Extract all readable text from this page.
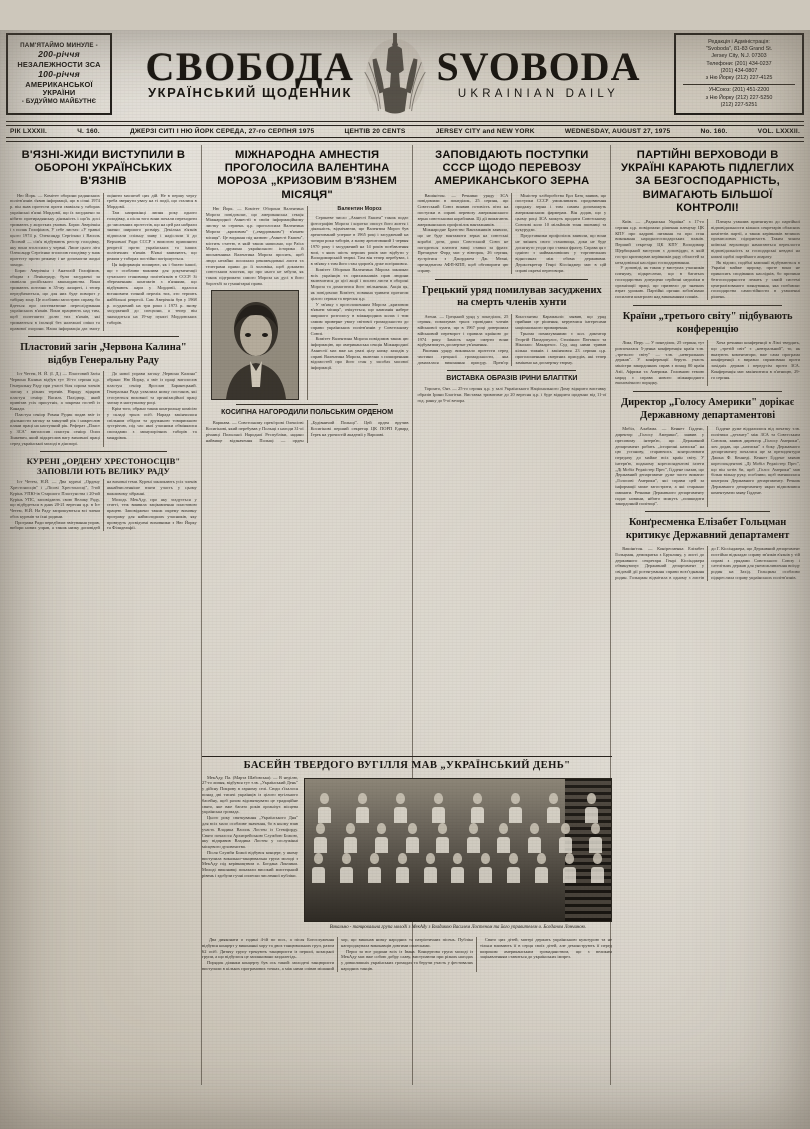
ПАМ'ЯТАЙМО МИНУЛЕ -
200-річчя
НЕЗАЛЕЖНОСТИ ЗСА
100-річчя
АМЕРИКАНСЬКОЇ УКРАЇНИ
- БУДУЙМО МАЙБУТНЄ
СВОБОДА
УКРАЇНСЬКИЙ ЩОДЕННИК
SVOBODA
UKRAINIAN DAILY
Редакція і Адміністрація:
"Svoboda", 81-83 Grand St.
Jersey City, N.J. 07303
Телефони: (201) 434-0237
(201) 434-0807
з Ню Йорку (212) 227-4125
УНСоюз: (201) 451-2200
з Ню Йорку (212) 227-5250
(212) 227-5251
РІК LXXXII.	Ч. 160.	ДЖЕРЗІ СИТІ І НЮ ЙОРК СЕРЕДА, 27-го СЕРПНЯ 1975	ЦЕНТІВ 20 CENTS	JERSEY CITY and NEW YORK	WEDNESDAY, AUGUST 27, 1975	No. 160.	VOL. LXXXII.
В'ЯЗНІ-ЖИДИ ВИСТУПИЛИ В ОБОРОНІ УКРАЇНСЬКИХ В'ЯЗНІВ

Ню Йорк. — Комітет оборони радянських політв'язнів з'явив інформації, що в січні 1974 р. він знав протести проти свавілля у таборах українські в'язні Мордовії, що їх засуджено за нібито протирадянську діяльність і що'їх досі тримають у жорстких умовах. Борис Аверічкін і з поляк Голофімов, У себе листах: «У травні цього 1974 р. Олександр Сергієнко і Василь Лісовий — сім'я відбувають реєстр голодівку, яку вони зголосили у червні. Лише цього літа Олександр Сергієнко зголосив голодівку у знак протесту проти режиму і не допомогли жодні заходи.

Борис Аверічкін і Анатолій Голофімов, обидва з Ленінграду, були засуджені за свавілля російського законодавства. Вони тримають поточно в 35-му лазареті, і тепер передбачається, що для них буде поворот у табірну зону. Це особливо загострює справу, бо йдеться про систематичне переслідування українських в'язнів. Вони працюють над тим, щоб полегшити долю тих в'язнів, які тримаються в ізоляції без належної опіки та правової охорони. Наша інформація дає змогу оцінити масштаб цих дій. Не в першу чергу треба звернути увагу на ті події, що сталися в Мордовії.

Там наприкінці липня року одного голодівку, а після того вони почали переходити до численних протестів, що на цей раз набрали значно ширшого розміру. Декілька в'язнів підписали спільну заяву і надіслали її до Верховної Ради СССР з вимогою припинити репресії проти українських та інших політичних в'язнів. В'язні заявляють, що режим у таборах постійно погіршується.

Ця інформація поширює, як і багато іншої, що є особливо важлива для документації сучасного становища політв'язнів в СССР. Зі збереженням контактів з в'язнями, що відбувають кари у Мордовії, вдалося встановити точний перелік тих, хто терпить найбільші репресії. Сам Аверічкін був у 1968 р. осуджений на три роки і 1973 р. знову засуджений до спецзони, а тепер він знаходиться на 19-му пункті Мордовських таборів.

Пластовий загін „Червона Калина" відбув Генеральну Раду

Іст Четем, Н. Й. (І. Д.) — Пластовий Загін Червона Калина відбув тут 16-го серпня ц.р. Генеральну Раду при участі біля сорока членів загону з різних теренів. Нараду відкрив пластун сеніор Василь Палідвор, який привітав усіх присутніх, а зокрема гостей із Канади.

Пластун сеніор Роман Рудик подав звіт із діяльности загону за минулий рік і накреслив плани праці на наступний рік. Реферат „Пласт у ЗСА" виголосив пластун сеніор Осип Зінкевич, який підкреслив вагу виховної праці серед української молоді в діяспорі.

До нової управи загону „Червона Калина" обрано: Ню Йорку, а звіт із праці виголосив пластун сеніор Ярослав Баранецький. Генеральна Рада ухвалила низку постанов, які стосуються виховної та організаційної праці загону в наступному році.

Крім того, обрано також контрольну комісію у складі трьох осіб. Нарада закінчилася спільним обідом та дружньою товариською зустріччю, під час якої учасники обмінялися спогадами з минулорічних таборів та мандрівок.

КУРЕНІ „ОРДЕНУ ХРЕСТОНОСЦІВ" ЗАПОВІЛИ ЮТЬ ВЕЛИКУ РАДУ

Іст Четем, Н.Й. — Два куpені „Ордену Хрестоносців" і „Лісові Хрестоносці", 5-ий Курінь УПЮ-ів Старшого Пластунства і 20-ий Курінь УПС, заповідають свою Велику Раду, що відбудеться в днях 20-21 вересня ц.р. в Іст Четем, Н.Й. На Раду запрошуються всі члени обох куренів та їхні родини.

Програма Ради передбачає звітування управ, вибори нових управ, а також низку доповідей на виховні теми. Куpені закликають усіх членів якнайчисленніше взяти участь у цьому важливому зібранні.

Молодь МекАду, про яку згадується у статті, теж виявила зацікавлення пластовою працею. Заповіджено також окрему виховну програму для наймолодших учасників, яку проведуть досвідчені виховники з Ню Йорку та Філядельфії.

МІЖНАРОДНА АМНЕСТІЯ ПРОГОЛОСИЛА ВАЛЕНТИНА МОРОЗА „КРИЗОВИМ В'ЯЗНЕМ МІСЯЦЯ"

Ню Йорк. — Комітет Оборони Валентина Мороза повідомляє, що американська секція Міжнародної Амнестії в своїм інформаційному листку за серпень ц.р. проголосила Валентина Мороза „кризовим" („гвардованим") в'язнем місяця". Це видання під назвою „Амнесті Екшен", містить статтю, в якій також написано, що Раїса Мороз, дружина українського історика й письменника Валентина Мороза просить, щоб люди негайно посилали рекомендовані листи та телеграми прямо до її чоловіка, щоб доказати совєтським властям, що про нього не забули, як також підтримати самого Мороза на дусі в його боротьбі за гуманітарні права.

Валентин Мороз

Серпневе число „Амнесті Екшен" також подає фотографію Мороза і коротко описує його життя і діяльність, відмічаючи, що Валентин Мороз був арештований уперше в 1965 році і засуджений на чотири роки таборів, а знову арештований 1 червня 1970 року і засуджений на 14 років позбавлення волі, з яких шість перших років має відбути у Володимирській тюрмі. Там він тепер перебуває, і в зв'язку з тим його стан здоров'я дуже погіршився.

Комітет Оборони Валентина Мороза закликає всіх українців та прихильників прав людини включитися до цієї акції і писати листи в обороні Мороза та домагатися його звільнення. Акція ця, як повідомляє Комітет, повинна тривати протягом цілого серпня та вересня ц.р.

У зв'язку з проголошенням Мороза „кризовим в'язнем місяця", очікується, що кампанія набере ширшого розголосу в міжнародних колах і тим самим приверне увагу світової громадськости до справи українських політв'язнів у Совєтському Союзі.

Комітет Валентина Мороза повідомив також цю інформацію, що американська секція Міжнародної Амнестії має вже на увазі цілу низку заходів у справі Валентина Мороза, включно з поширенням відомостей про його стан у засобах масової інформації.

КОСИГІНА НАГОРОДИЛИ ПОЛЬСЬКИМ ОРДЕНОМ

Варшава. — Совєтському прем'єрові Олексієві Косигінові, який перебував у Польщі з нагоди 31-ої річниці Польської Народної Республіки, надано найвище відзначення Польщі — орден „Будівничий Польщі". Цей орден вручив Косигінові перший секретар ЦК ПОРП Едвард Ґерек на урочистій академії у Варшаві.

ЗАПОВІДАЮТЬ ПОСТУПКИ СССР ЩОДО ПЕРЕВОЗУ АМЕРИКАНСЬКОГО ЗЕРНА

Вашінґтон. — Речники уряду ЗСА повідомили в понеділок, 25 серпня, що Совєтський Союз виявив готовість піти на поступки в справі перевозу американського зерна совєтськими кораблями. Ці дії вимагають американських профспілок вантажників.

Міжнародне Братство Вантажників заявило, що не буде вантажити зерна на совєтські кораблі доти, доки Совєтський Союз не погодиться платити вищі ставки за фрахт. Президент Форд має у вівторок, 26 серпня, зустрітися з Джорджем Дж. Меані, президентом АФП-КПП, щоб обговорити цю справу.

Міністер хліборобства Ерл Батц заявив, що поступки СССР уможливлять продовження продажу зерна і тим самим допоможуть американським фармерам. Він додав, що у цьому році ЗСА можуть продати Совєтському Союзові коло 10 мільйонів тонн пшениці та кукурудзи.

Представники профспілок заявили, що вони не змінять свого становища, доки не буде досягнуто угоди про ставки фрахту. Справа ця є однією з найважливіших у торговельних відносинах між обома державами. Держсекретар Генрі Кіссінджер має в цій справі окремі переговори.

Грецький уряд помилував засуджених на смерть членів хунти

Атени. — Грецький уряд у понеділок, 25 серпня, помилував трьох провідних членів військової хунти, що в 1967 році довершила військовий переворот і правила країною до 1974 року. Замість кари смерти вони відбуватимуть досмертне ув'язнення.

Рішення уряду викликало протести серед частини грецької громадськости, яка домагалася виконання присуду. Прем'єр Константин Караманліс заявив, що уряд прийняв це рішення, керуючися інтересами національного примирення.

Трьома помилуваними є кол. диктатор Георгій Пападопулос, Стиліянос Паттакос та Ніколаос Макарезос. Суд над ними тривав кілька тижнів і закінчився 23 серпня ц.р. проголошенням смертних присудів, які тепер замінено на досмертну тюрму.

ВИСТАВКА ОБРАЗІВ ІРИНИ БЛАГІТКИ

Торонто, Онт. — 25-го серпня ц.р. у залі Українського Національного Дому відкрито виставку образів Ірини Благітки. Виставка триватиме до 20 вересня ц.р. і буде відкрита щоденно від 11-ої год. ранку до 9-ої вечора.

ПАРТІЙНІ ВЕРХОВОДИ В УКРАЇНІ КАРАЮТЬ ПІДЛЕГЛИХ ЗА БЕЗГОСПОДАРНІСТЬ, ВИМАГАЮТЬ БІЛЬШОЇ КОНТРОЛІ!

Київ. — „Радянська Україна" з 17-го серпня ц.р. повідомляє рішення пленуму ЦК КПУ про кадрові питання та про стан виконання народногосподарських планів. Перший секретар ЦК КПУ Володимир Щербицький виступив з доповіддю, в якій гостро критикував керівників ряду областей за незадовільні наслідки господарювання.

У доповіді, як також у виступах учасників пленуму, підкреслено, що в багатьох господарствах допущено серйозні недоліки в організації праці, що призвело до значних втрат урожаю. Партійні органи зобов'язано посилити контролю над виконанням планів.

Пленум ухвалив притягнути до партійної відповідальности кількох секретарів обласних комітетів партії, а також керівників великих промислових підприємств. Таким чином київські верховоди намагаються перекласти відповідальність за господарські невдачі на нижчі щаблі партійного апарату.

Як відомо, подібні кампанії відбуваються в Україні майже щороку, проте вони не приносять сподіваних наслідків, бо причини безгосподарности лежать у самій системі централізованого плянування, яка позбавляє господарства самостійности в ухваленні рішень.

Країни „третього світу" підбувають конференцію

Ліма, Перу. — У понеділок, 25 серпня, тут розпочалася 5-денна конференція країн т.зв. „третього світу" — т.зв. „невтральних держав". У конференції беруть участь міністри закордонних справ з понад 80 країн Азії, Африки та Америки. Головною темою нарад є справа нового міжнародного економічного порядку.

Хоча речники конференції в Лімі твердять, що „третій світ" є „невтральний", то, як вказують коментатори, вже сама програма конференції є виразно спрямована проти західніх держав і передусім проти ЗСА. Конференція має закінчитися в п'ятницю, 29-го серпня.

Директор „Голосу Америки" дорікає Державному департаментові

Мобіл, Алабама. — Кеннет Ґідденс, директор „Голосу Америки", заявив у пресовому інтерв'ю, що Державний департамент робить „історичні натиски" на цю установу, стараючись контролювати передачу до майже всіх країн світу. У інтерв'ю, поданому кореспондентові ґазети „Ді Мобіл Реджістер Прес", Ґіддене сказав, що Державний департамент дуже часто вимагає „Голосові Америки", які справи цей за інформації може загострити, а які старанно оминати. Речники Державного департаменту подає новини, нібито можуть „пошкодити закордонній політиці".

Ґіддене дуже віддалилося від початку т.зв. політики „детанту" між ЗСА та Совєтським Союзом, заявив директор „Голосу Америки", хоч додав, що „натиски" з боку Державного департаменту почалися ще за президентури Джона Ф. Кеннеді. Кеннет Ґіддене заявив кореспондентові „Ді Мобіл Реджістер Прес", що він хотів би, щоб „Голос Америки" мав більш вільну руку, особливо, щоб зменшилася контроля Державного департаменту. Речник Державного департаменту якраз відмовлявся коментувати заяву Ґіддене.

Конґресменка Елізабет Гольцман критикує Державний департамент

Вашінґтон. — Конґресменка Елізабет Гольцман, демократка з Бруклину, у листі до державного секретаря Генрі Кіссінджера обвинувачує Державний департамент у свідомій дії розтягування справи возз'єднання родин. Гольцман відмітила в одному з листів до Г. Кіссінджера, що Державний департамент постійно відкладає справу зв'язків в'язнів у тій справі з урядами Совєтського Союзу і сателітних держав для унеможливлення виїзду родин на Захід. Гольцман особливо підкреслила справу українських політв'язнів.

БАСЕЙН ТВЕРДОГО ВУГІЛЛЯ МАВ „УКРАЇНСЬКИЙ ДЕНЬ"

МекАду, Па. (Марта Шабовська). — В неділю, 27-го липня, відбувся тут т.зв. „Український День" у дійсну Покрову в гарному селі. Сюди з'їхалося понад дві тисячі українців із цілого вугільного басейну, щоб разом відсвяткувати це традиційне свято, яке вже багато років організує місцева українська громада.

Цього року святкування „Українського Дня" для всіх мало особливе значення, бо в ньому взяв участь Владика Василь Лостен із Стемфорду. Свято почалося Архиєрейською Службою Божою, яку відправив Владика Лостен у сослужінні місцевого духовенства.

Після Служби Божої відбувся концерт, у якому виступила вокально-танцювальна група молоді з МекАду під керівництвом о. Богдана Лончини. Молоді виконавці показали високий мистецький рівень і здобули гучні оплески численної публіки.

Вокально - танцювальна група молоді з МекАду з Владикою Василем Лостеном та його управителем о. Богданом Лончиною.

Два дияконати о годині 4-ій по пол., а після Богослуження відбувся концерт у виконанні хору та двох танцювальних груп, разом 62 осіб. Дитячу групу тренують танцюристи із першої, козацької групи, а що відбулося це запляновано заздалегідь.

Порядок ділянки концерту був ось такий: молодечі танцюристи виступали в кількох програмових точках, а між ними співав мішаний хор, що виконав низку народних та патріотичних пісень. Публіка нагороджувала виконавців довгими оплесками.

Перш за все родини всіх із Івана. Концертова група молоді із МекАду має вже собою добру славу, виступаючи при різних нагодах у довколишніх українських громадах та беручи участь у фестивалях народних танців.

Свято цих дітей, матері держать українською культурою та не тільки вливають її в серця своїх дітей, але демонструють її перед широким американським громадянством, що з великим зацікавленням ставиться до українських імпрез.
